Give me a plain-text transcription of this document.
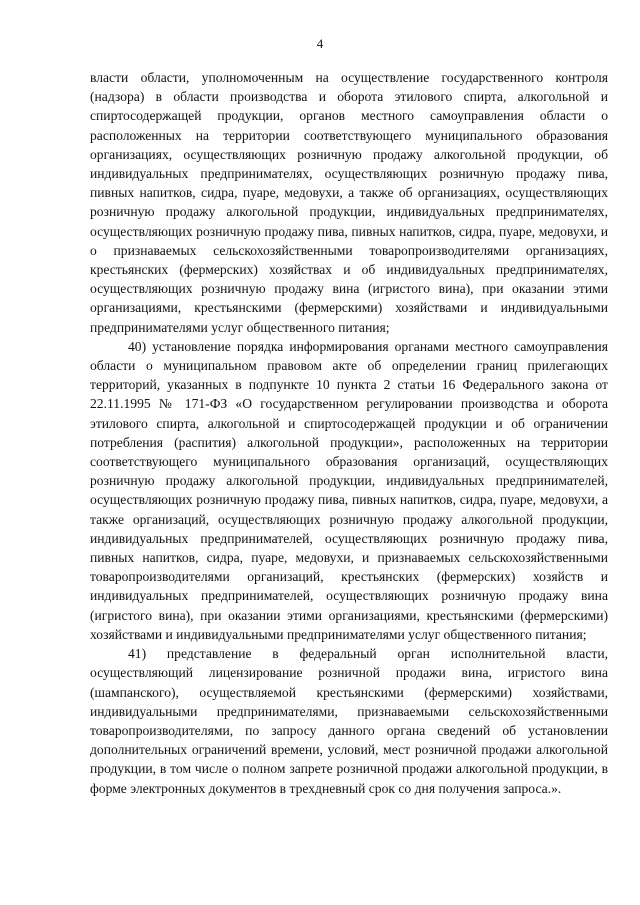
4

власти области, уполномоченным на осуществление государственного контроля (надзора) в области производства и оборота этилового спирта, алкогольной и спиртосодержащей продукции, органов местного самоуправления области о расположенных на территории соответствующего муниципального образования организациях, осуществляющих розничную продажу алкогольной продукции, об индивидуальных предпринимателях, осуществляющих розничную продажу пива, пивных напитков, сидра, пуаре, медовухи, а также об организациях, осуществляющих розничную продажу алкогольной продукции, индивидуальных предпринимателях, осуществляющих розничную продажу пива, пивных напитков, сидра, пуаре, медовухи, и о признаваемых сельскохозяйственными товаропроизводителями организациях, крестьянских (фермерских) хозяйствах и об индивидуальных предпринимателях, осуществляющих розничную продажу вина (игристого вина), при оказании этими организациями, крестьянскими (фермерскими) хозяйствами и индивидуальными предпринимателями услуг общественного питания;

40) установление порядка информирования органами местного самоуправления области о муниципальном правовом акте об определении границ прилегающих территорий, указанных в подпункте 10 пункта 2 статьи 16 Федерального закона от 22.11.1995 № 171-ФЗ «О государственном регулировании производства и оборота этилового спирта, алкогольной и спиртосодержащей продукции и об ограничении потребления (распития) алкогольной продукции», расположенных на территории соответствующего муниципального образования организаций, осуществляющих розничную продажу алкогольной продукции, индивидуальных предпринимателей, осуществляющих розничную продажу пива, пивных напитков, сидра, пуаре, медовухи, а также организаций, осуществляющих розничную продажу алкогольной продукции, индивидуальных предпринимателей, осуществляющих розничную продажу пива, пивных напитков, сидра, пуаре, медовухи, и признаваемых сельскохозяйственными товаропроизводителями организаций, крестьянских (фермерских) хозяйств и индивидуальных предпринимателей, осуществляющих розничную продажу вина (игристого вина), при оказании этими организациями, крестьянскими (фермерскими) хозяйствами и индивидуальными предпринимателями услуг общественного питания;

41) представление в федеральный орган исполнительной власти, осуществляющий лицензирование розничной продажи вина, игристого вина (шампанского), осуществляемой крестьянскими (фермерскими) хозяйствами, индивидуальными предпринимателями, признаваемыми сельскохозяйственными товаропроизводителями, по запросу данного органа сведений об установлении дополнительных ограничений времени, условий, мест розничной продажи алкогольной продукции, в том числе о полном запрете розничной продажи алкогольной продукции, в форме электронных документов в трехдневный срок со дня получения запроса.».
